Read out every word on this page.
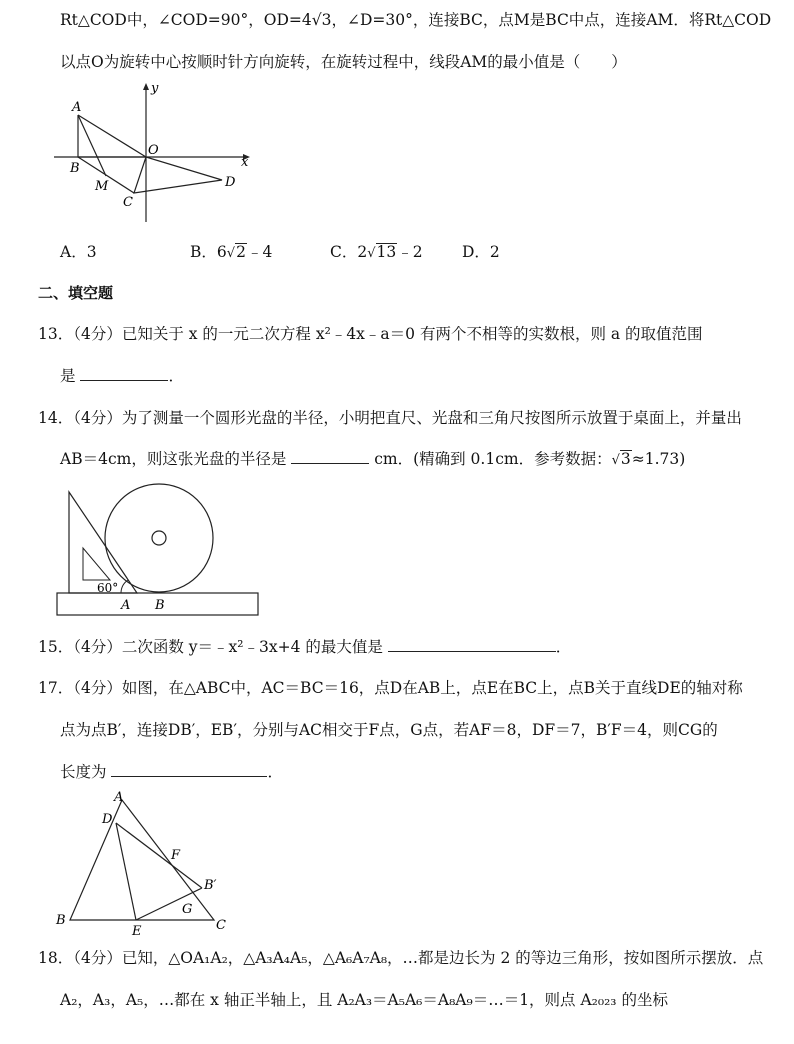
Rt△COD中，∠COD=90°，OD=4√3，∠D=30°，连接BC，点M是BC中点，连接AM．将Rt△COD
以点O为旋转中心按顺时针方向旋转，在旋转过程中，线段AM的最小值是（　　）
A
B
M
C
O
D
x
y
A．3	B．6√2﹣4	C．2√13﹣2	D．2
二、填空题
13．（4分）已知关于 x 的一元二次方程 x²﹣4x﹣a＝0 有两个不相等的实数根，则 a 的取值范围
是	．
14．（4分）为了测量一个圆形光盘的半径，小明把直尺、光盘和三角尺按图所示放置于桌面上，并量出
AB＝4cm，则这张光盘的半径是	cm．(精确到 0.1cm．参考数据：√3≈1.73)
60°
A B
15．（4分）二次函数 y＝﹣x²﹣3x+4 的最大值是	．
17．（4分）如图，在△ABC中，AC＝BC＝16，点D在AB上，点E在BC上，点B关于直线DE的轴对称
点为点B′，连接DB′，EB′，分别与AC相交于F点，G点，若AF＝8，DF＝7，B′F＝4，则CG的
长度为	．
A
D
F
B′
G
B
E	C
18．（4分）已知，△OA₁A₂，△A₃A₄A₅，△A₆A₇A₈，…都是边长为 2 的等边三角形，按如图所示摆放．点
A₂，A₃，A₅，…都在 x 轴正半轴上，且 A₂A₃＝A₅A₆＝A₈A₉＝…＝1，则点 A₂₀₂₃ 的坐标
